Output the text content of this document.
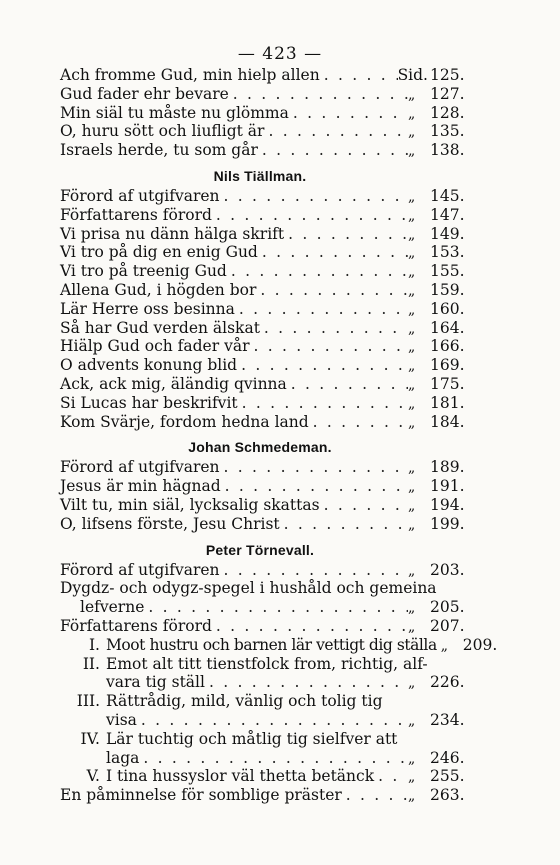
— 423 —
Ach fromme Gud, min hielp allen . . .	Sid. 125.
Gud fader ehr bevare . . .	„ 127.
Min siäl tu måste nu glömma . . .	„ 128.
O, huru sött och liufligt är . . .	„ 135.
Israels herde, tu som går . . .	„ 138.
Nils Tiällman.
Förord af utgifvaren . . .	„ 145.
Författarens förord . . .	„ 147.
Vi prisa nu dänn hälga skrift . . .	„ 149.
Vi tro på dig en enig Gud . . .	„ 153.
Vi tro på treenig Gud . . .	„ 155.
Allena Gud, i högden bor . . .	„ 159.
Lär Herre oss besinna . . .	„ 160.
Så har Gud verden älskat . . .	„ 164.
Hiälp Gud och fader vår . . .	„ 166.
O advents konung blid . . .	„ 169.
Ack, ack mig, äländig qvinna . . .	„ 175.
Si Lucas har beskrifvit . . .	„ 181.
Kom Svärje, fordom hedna land . . .	„ 184.
Johan Schmedeman.
Förord af utgifvaren . . .	„ 189.
Jesus är min hägnad . . .	„ 191.
Vilt tu, min siäl, lycksalig skattas . . .	„ 194.
O, lifsens förste, Jesu Christ . . .	„ 199.
Peter Törnevall.
Förord af utgifvaren . . .	„ 203.
Dygdz- och odygz-spegel i hushåld och gemeina
lefverne . . .	„ 205.
Författarens förord . . .	„ 207.
I. Moot hustru och barnen lär vettigt dig ställa . . . „ 209.
II. Emot alt titt tienstfolck from, richtig, alf-
vara tig ställ . . .	„ 226.
III. Rättrådig, mild, vänlig och tolig tig
visa . . .	„ 234.
IV. Lär tuchtig och måtlig tig sielfver att
laga . . .	„ 246.
V. I tina hussyslor väl thetta betänck . . . „ 255.
En påminnelse för somblige präster . . .	„ 263.
